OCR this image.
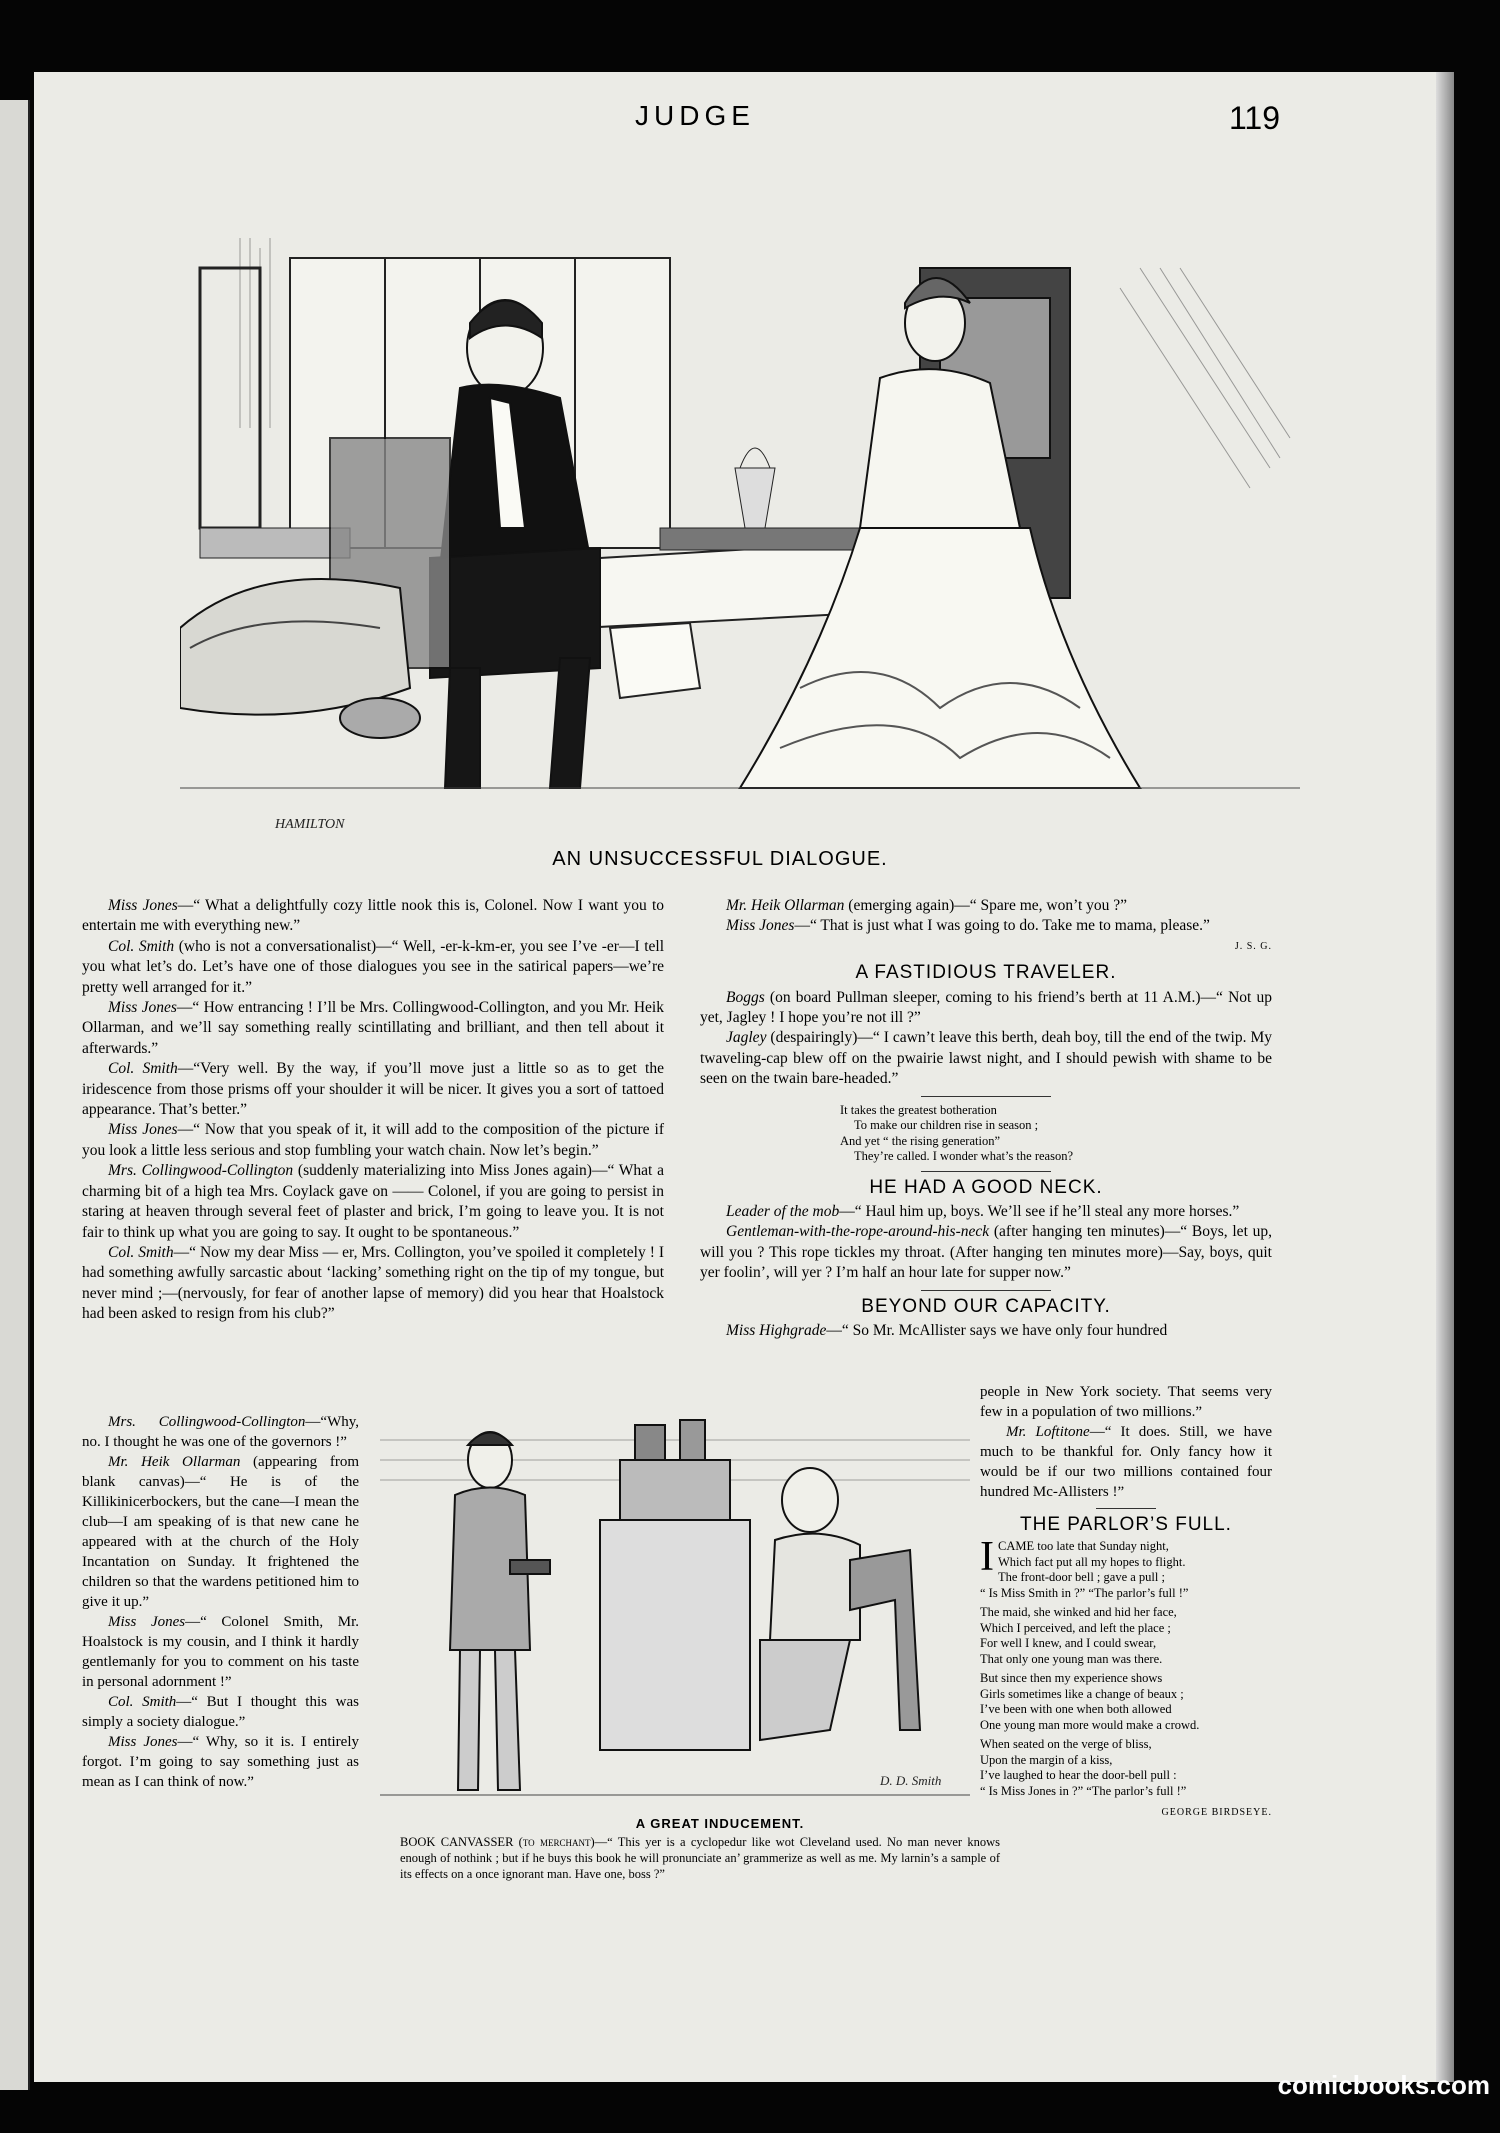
JUDGE	119
HAMILTON
AN UNSUCCESSFUL DIALOGUE.

Miss Jones—“ What a delightfully cozy little nook this is, Colonel. Now I want you to entertain me with everything new.”

Col. Smith (who is not a conversationalist)—“ Well, -er-k-km-er, you see I’ve -er—I tell you what let’s do. Let’s have one of those dialogues you see in the satirical papers—we’re pretty well arranged for it.”

Miss Jones—“ How entrancing ! I’ll be Mrs. Collingwood-Collington, and you Mr. Heik Ollarman, and we’ll say something really scintillating and brilliant, and then tell about it afterwards.”

Col. Smith—“Very well. By the way, if you’ll move just a little so as to get the iridescence from those prisms off your shoulder it will be nicer. It gives you a sort of tattoed appearance. That’s better.”

Miss Jones—“ Now that you speak of it, it will add to the composition of the picture if you look a little less serious and stop fumbling your watch chain. Now let’s begin.”

Mrs. Collingwood-Collington (suddenly materializing into Miss Jones again)—“ What a charming bit of a high tea Mrs. Coylack gave on —— Colonel, if you are going to persist in staring at heaven through several feet of plaster and brick, I’m going to leave you. It is not fair to think up what you are going to say. It ought to be spontaneous.”

Col. Smith—“ Now my dear Miss — er, Mrs. Collington, you’ve spoiled it completely ! I had something awfully sarcastic about ‘lacking’ something right on the tip of my tongue, but never mind ;—(nervously, for fear of another lapse of memory) did you hear that Hoalstock had been asked to resign from his club?”

Mrs. Collingwood-Collington—“Why, no. I thought he was one of the governors !”

Mr. Heik Ollarman (appearing from blank canvas)—“ He is of the Killikinicerbockers, but the cane—I mean the club—I am speaking of is that new cane he appeared with at the church of the Holy Incantation on Sunday. It frightened the children so that the wardens petitioned him to give it up.”

Miss Jones—“ Colonel Smith, Mr. Hoalstock is my cousin, and I think it hardly gentlemanly for you to comment on his taste in personal adornment !”

Col. Smith—“ But I thought this was simply a society dialogue.”

Miss Jones—“ Why, so it is. I entirely forgot. I’m going to say something just as mean as I can think of now.”

Mr. Heik Ollarman (emerging again)—“ Spare me, won’t you ?”

Miss Jones—“ That is just what I was going to do. Take me to mama, please.”

J. S. G.
A FASTIDIOUS TRAVELER.

Boggs (on board Pullman sleeper, coming to his friend’s berth at 11 A.M.)—“ Not up yet, Jagley ! I hope you’re not ill ?”

Jagley (despairingly)—“ I cawn’t leave this berth, deah boy, till the end of the twip. My twaveling-cap blew off on the pwairie lawst night, and I should pewish with shame to be seen on the twain bare-headed.”

It takes the greatest botheration
To make our children rise in season ;
And yet “ the rising generation”
They’re called. I wonder what’s the reason?
HE HAD A GOOD NECK.

Leader of the mob—“ Haul him up, boys. We’ll see if he’ll steal any more horses.”

Gentleman-with-the-rope-around-his-neck (after hanging ten minutes)—“ Boys, let up, will you ? This rope tickles my throat. (After hanging ten minutes more)—Say, boys, quit yer foolin’, will yer ? I’m half an hour late for supper now.”

BEYOND OUR CAPACITY.

Miss Highgrade—“ So Mr. McAllister says we have only four hundred

people in New York society. That seems very few in a population of two millions.”

Mr. Loftitone—“ It does. Still, we have much to be thankful for. Only fancy how it would be if our two millions contained four hundred Mc-Allisters !”

THE PARLOR’S FULL.
I CAME too late that Sunday night,
Which fact put all my hopes to flight.
The front-door bell ; gave a pull ;
“ Is Miss Smith in ?” “The parlor’s full !”
The maid, she winked and hid her face,
Which I perceived, and left the place ;
For well I knew, and I could swear,
That only one young man was there.
But since then my experience shows
Girls sometimes like a change of beaux ;
I’ve been with one when both allowed
One young man more would make a crowd.
When seated on the verge of bliss,
Upon the margin of a kiss,
I’ve laughed to hear the door-bell pull :
“ Is Miss Jones in ?” “The parlor’s full !”
GEORGE BIRDSEYE.
D. D. Smith
A GREAT INDUCEMENT.
BOOK CANVASSER (to merchant)—“ This yer is a cyclopedur like wot Cleveland used. No man never knows enough of nothink ; but if he buys this book he will pronunciate an’ grammerize as well as me. My larnin’s a sample of its effects on a once ignorant man. Have one, boss ?”
comicbooks.com
